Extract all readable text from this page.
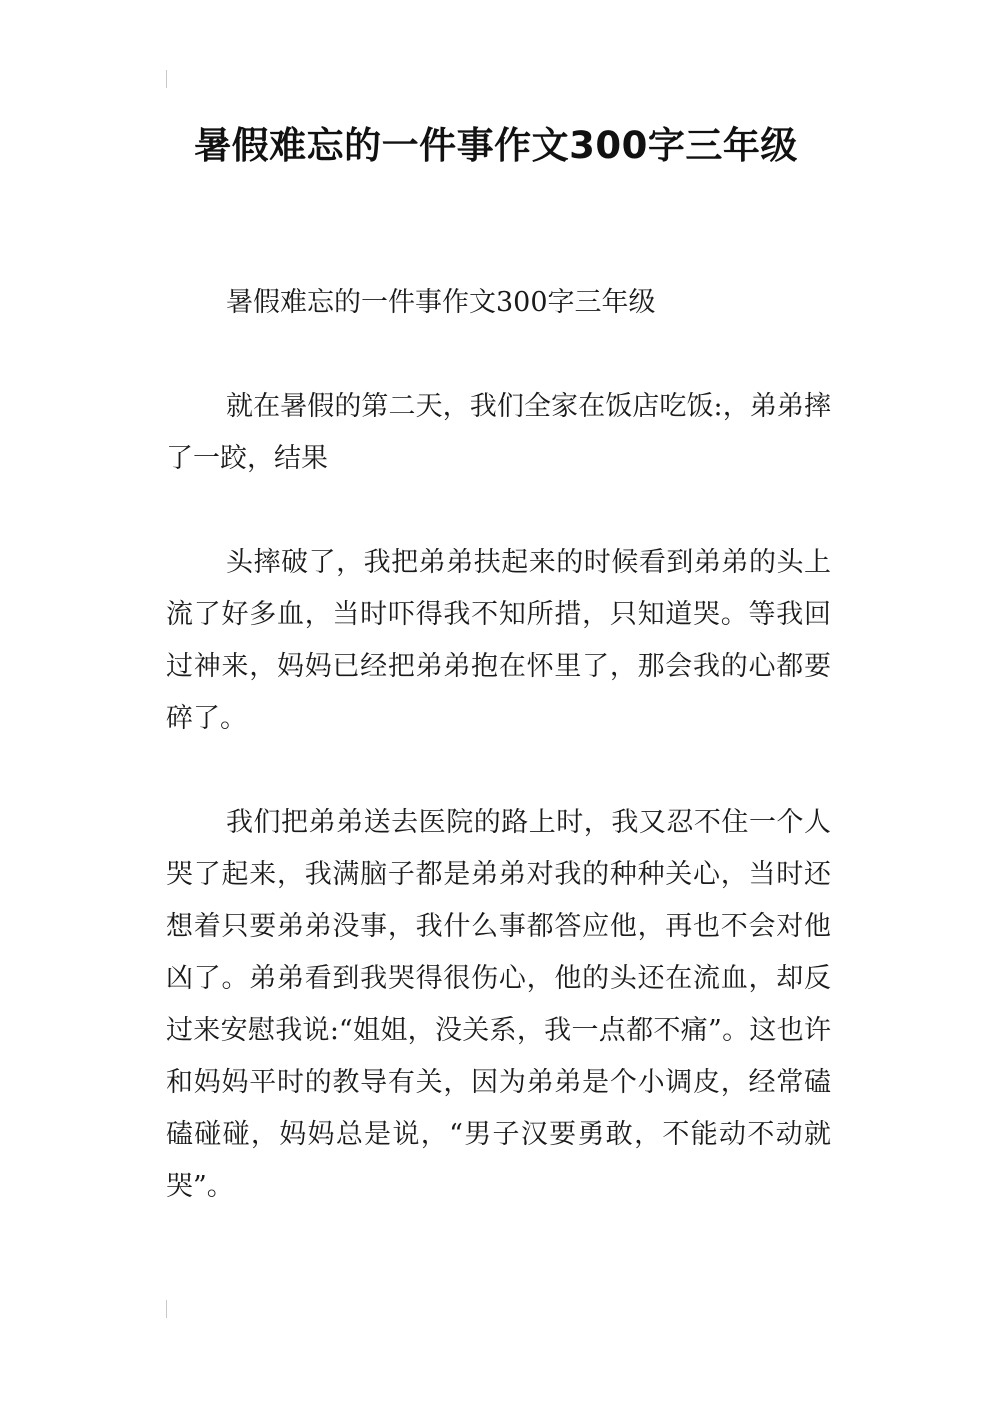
暑假难忘的一件事作文300字三年级

暑假难忘的一件事作文300字三年级

就在暑假的第二天，我们全家在饭店吃饭:，弟弟摔了一跤，结果

头摔破了，我把弟弟扶起来的时候看到弟弟的头上流了好多血，当时吓得我不知所措，只知道哭。等我回过神来，妈妈已经把弟弟抱在怀里了，那会我的心都要碎了。

我们把弟弟送去医院的路上时，我又忍不住一个人哭了起来，我满脑子都是弟弟对我的种种关心，当时还想着只要弟弟没事，我什么事都答应他，再也不会对他凶了。弟弟看到我哭得很伤心，他的头还在流血，却反过来安慰我说:“姐姐，没关系，我一点都不痛”。这也许和妈妈平时的教导有关，因为弟弟是个小调皮，经常磕磕碰碰，妈妈总是说，“男子汉要勇敢，不能动不动就哭”。
